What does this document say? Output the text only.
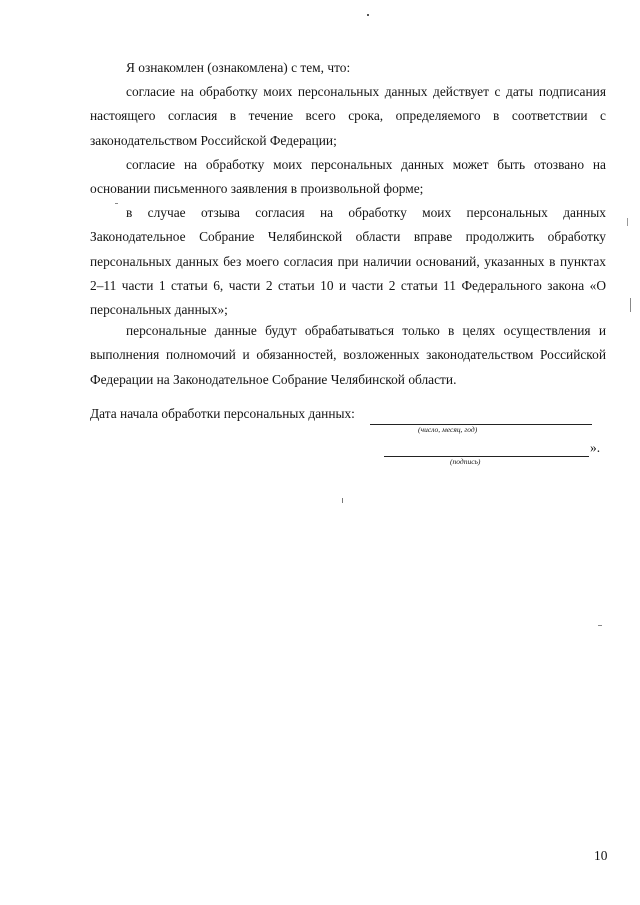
Я ознакомлен (ознакомлена) с тем, что:

согласие на обработку моих персональных данных действует с даты подписания настоящего согласия в течение всего срока, определяемого в соответствии с законодательством Российской Федерации;

согласие на обработку моих персональных данных может быть отозвано на основании письменного заявления в произвольной форме;

в случае отзыва согласия на обработку моих персональных данных Законодательное Собрание Челябинской области вправе продолжить обработку персональных данных без моего согласия при наличии оснований, указанных в пунктах 2–11 части 1 статьи 6, части 2 статьи 10 и части 2 статьи 11 Федерального закона «О персональных данных»;

персональные данные будут обрабатываться только в целях осуществления и выполнения полномочий и обязанностей, возложенных законодательством Российской Федерации на Законодательное Собрание Челябинской области.

Дата начала обработки персональных данных:
(число, месяц, год)
».
(подпись)
10
